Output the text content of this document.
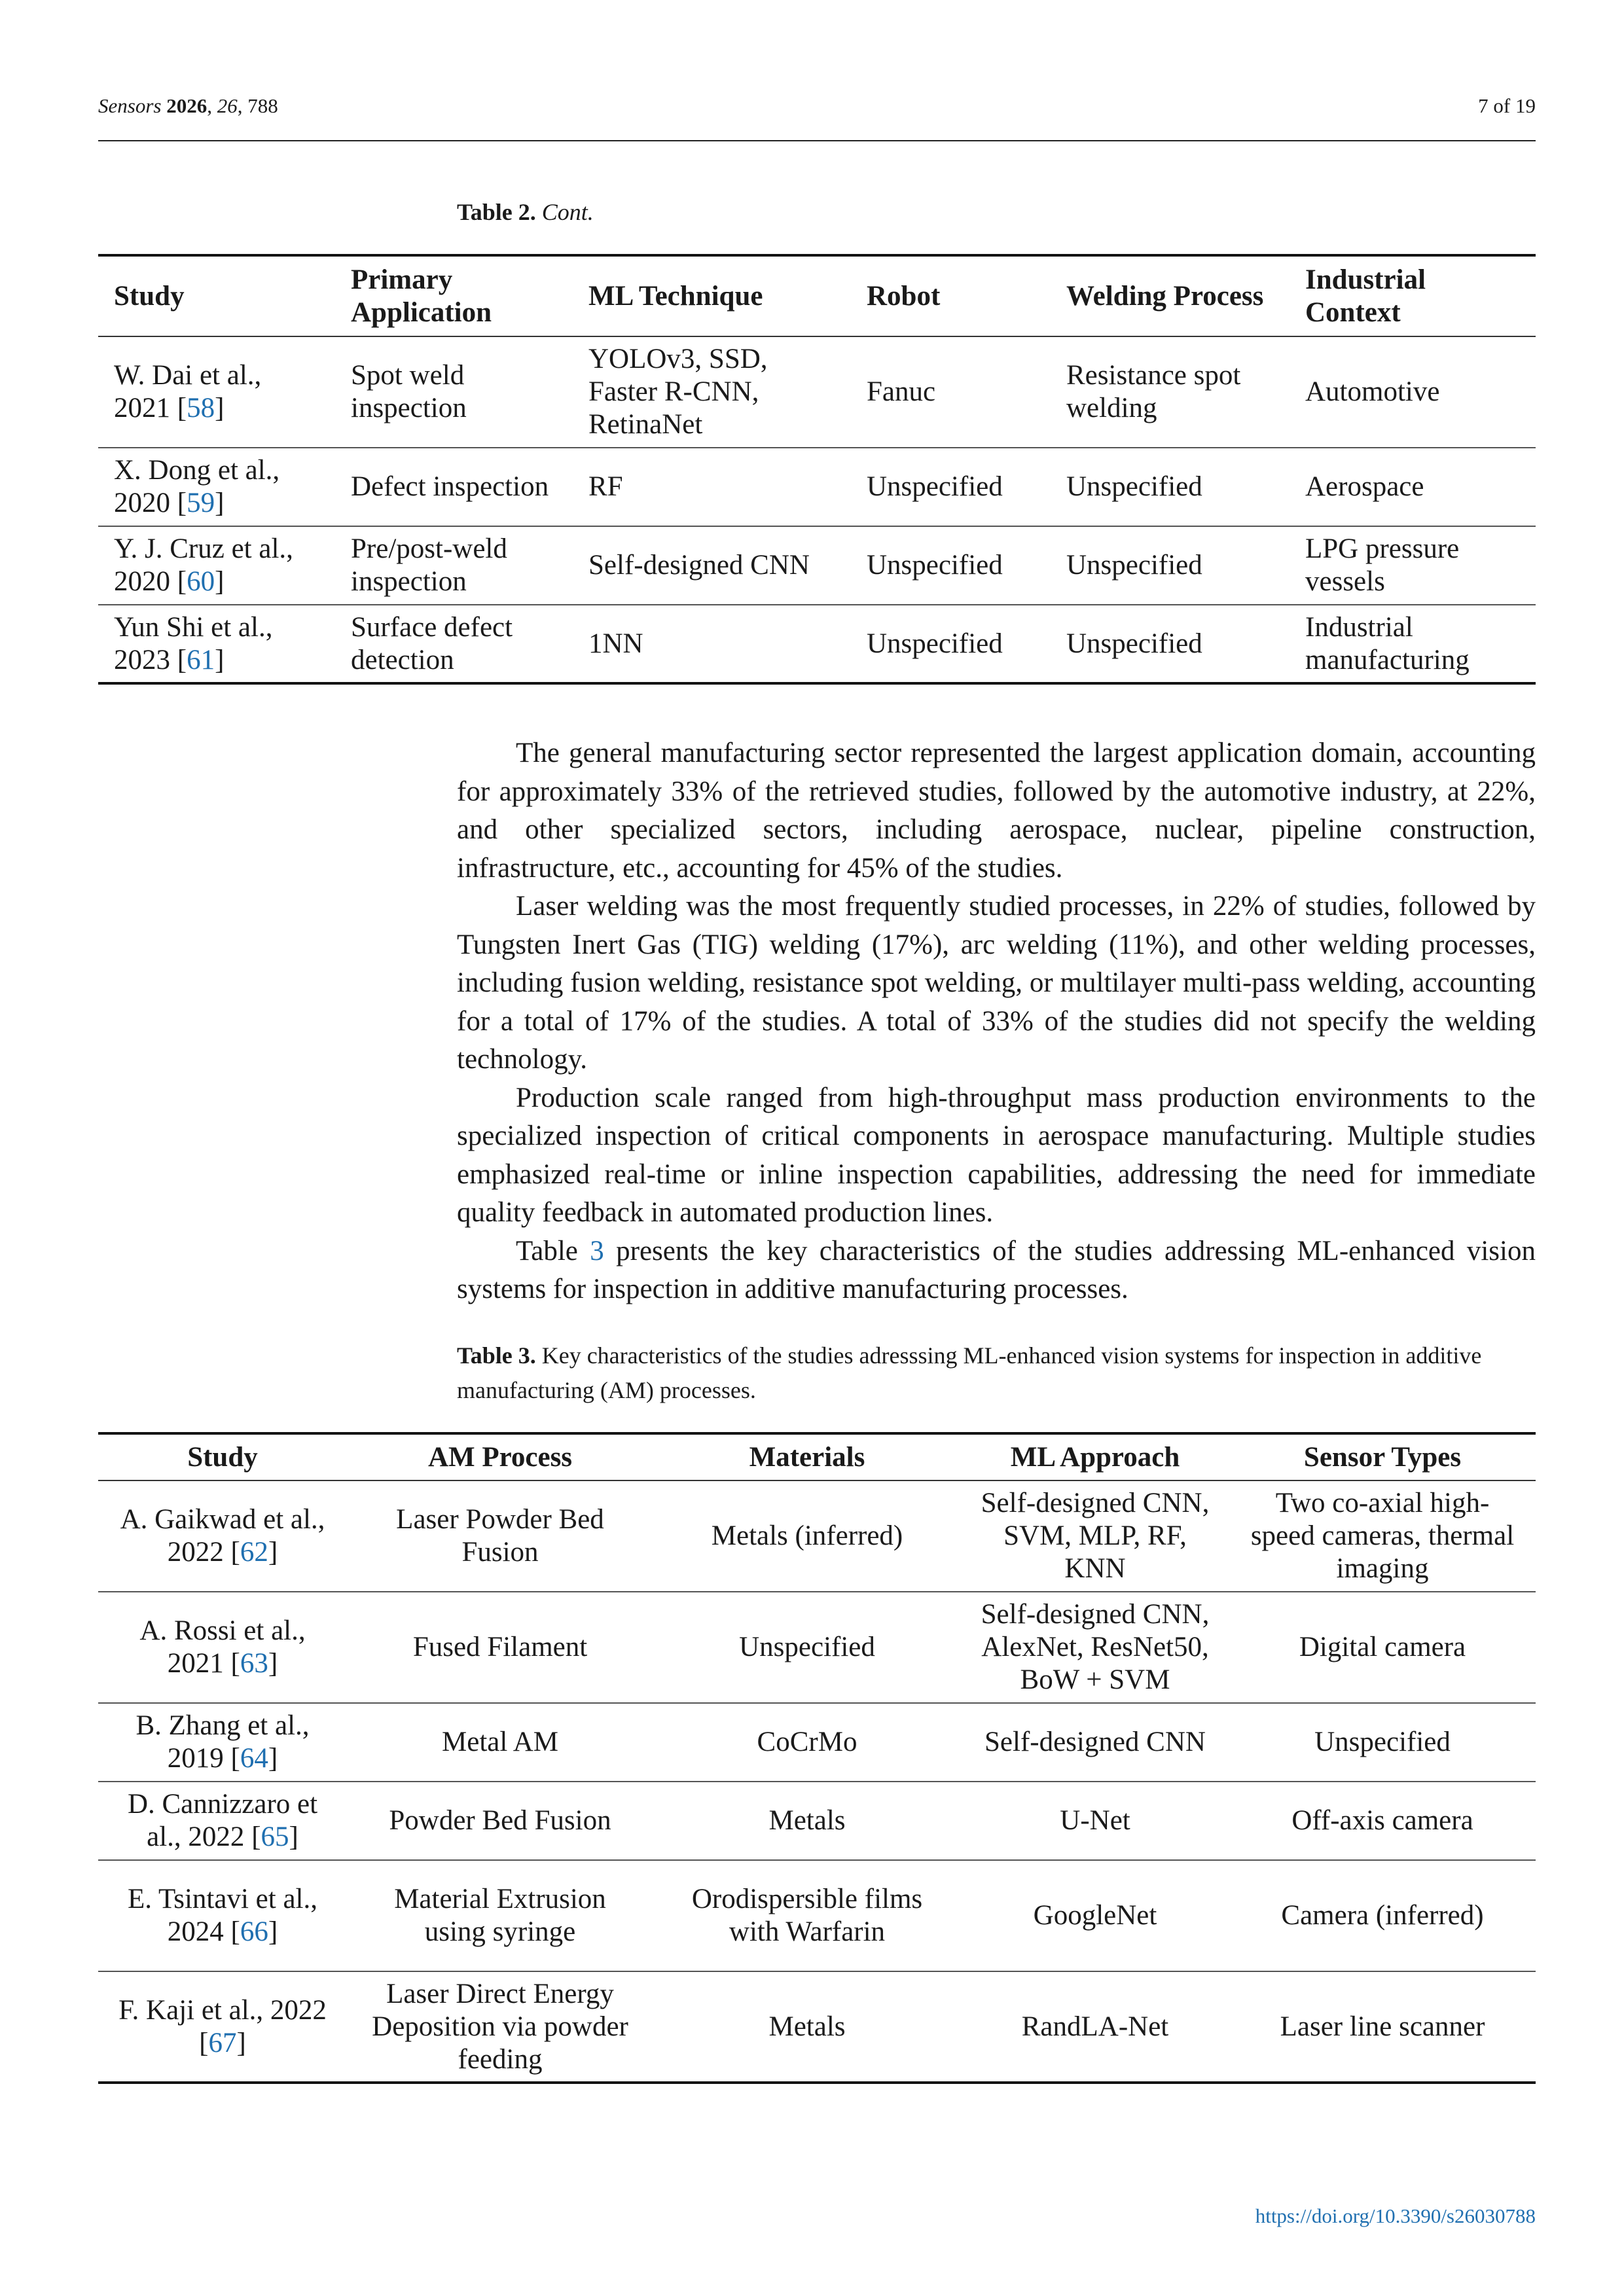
Sensors 2026, 26, 788	7 of 19
Table 2. Cont.
Study	Primary Application	ML Technique	Robot	Welding Process	Industrial Context
W. Dai et al., 2021 [58]	Spot weld inspection	YOLOv3, SSD, Faster R-CNN, RetinaNet	Fanuc	Resistance spot welding	Automotive
X. Dong et al., 2020 [59]	Defect inspection	RF	Unspecified	Unspecified	Aerospace
Y. J. Cruz et al., 2020 [60]	Pre/post-weld inspection	Self-designed CNN	Unspecified	Unspecified	LPG pressure vessels
Yun Shi et al., 2023 [61]	Surface defect detection	1NN	Unspecified	Unspecified	Industrial manufacturing

The general manufacturing sector represented the largest application domain, accounting for approximately 33% of the retrieved studies, followed by the automotive industry, at 22%, and other specialized sectors, including aerospace, nuclear, pipeline construction, infrastructure, etc., accounting for 45% of the studies.

Laser welding was the most frequently studied processes, in 22% of studies, followed by Tungsten Inert Gas (TIG) welding (17%), arc welding (11%), and other welding processes, including fusion welding, resistance spot welding, or multilayer multi-pass welding, accounting for a total of 17% of the studies. A total of 33% of the studies did not specify the welding technology.

Production scale ranged from high-throughput mass production environments to the specialized inspection of critical components in aerospace manufacturing. Multiple studies emphasized real-time or inline inspection capabilities, addressing the need for immediate quality feedback in automated production lines.

Table 3 presents the key characteristics of the studies addressing ML-enhanced vision systems for inspection in additive manufacturing processes.

Table 3. Key characteristics of the studies adresssing ML-enhanced vision systems for inspection in additive manufacturing (AM) processes.
Study	AM Process	Materials	ML Approach	Sensor Types
A. Gaikwad et al., 2022 [62]	Laser Powder Bed Fusion	Metals (inferred)	Self-designed CNN, SVM, MLP, RF, KNN	Two co-axial high-speed cameras, thermal imaging
A. Rossi et al., 2021 [63]	Fused Filament	Unspecified	Self-designed CNN, AlexNet, ResNet50, BoW + SVM	Digital camera
B. Zhang et al., 2019 [64]	Metal AM	CoCrMo	Self-designed CNN	Unspecified
D. Cannizzaro et al., 2022 [65]	Powder Bed Fusion	Metals	U-Net	Off-axis camera
E. Tsintavi et al., 2024 [66]	Material Extrusion using syringe	Orodispersible films with Warfarin	GoogleNet	Camera (inferred)
F. Kaji et al., 2022 [67]	Laser Direct Energy Deposition via powder feeding	Metals	RandLA-Net	Laser line scanner
https://doi.org/10.3390/s26030788
